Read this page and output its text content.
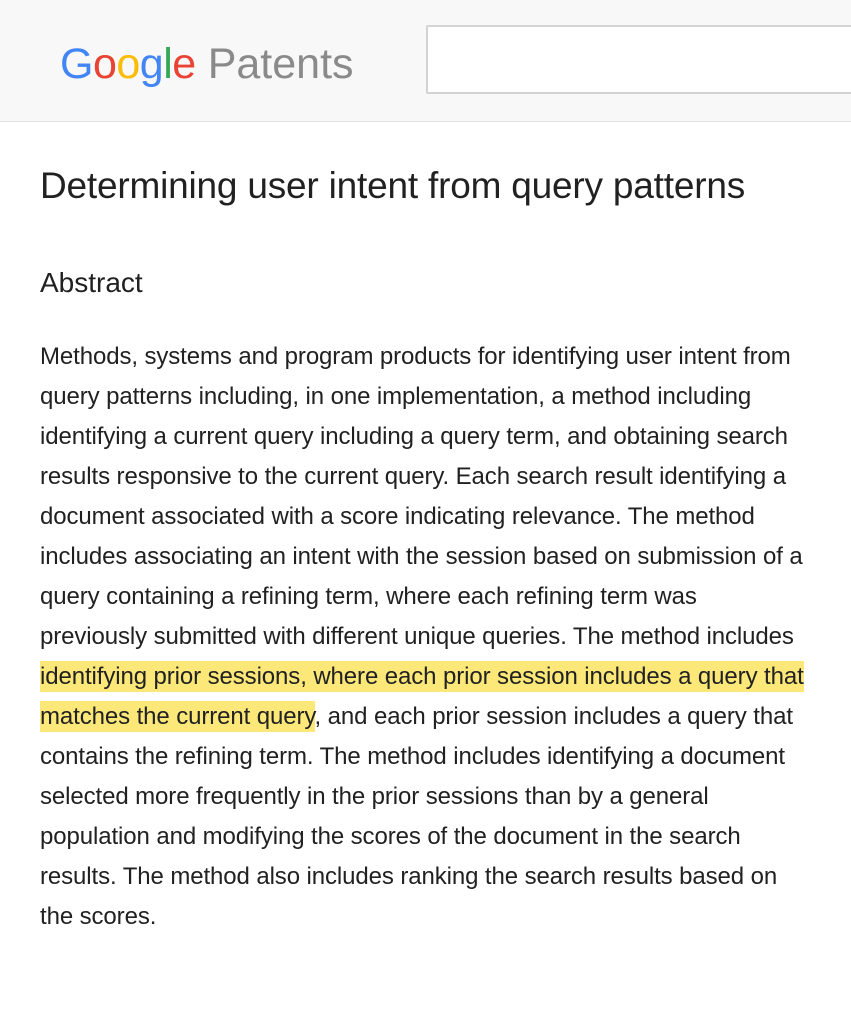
Google Patents
Determining user intent from query patterns
Abstract

Methods, systems and program products for identifying user intent from query patterns including, in one implementation, a method including identifying a current query including a query term, and obtaining search results responsive to the current query. Each search result identifying a document associated with a score indicating relevance. The method includes associating an intent with the session based on submission of a query containing a refining term, where each refining term was previously submitted with different unique queries. The method includes identifying prior sessions, where each prior session includes a query that matches the current query, and each prior session includes a query that contains the refining term. The method includes identifying a document selected more frequently in the prior sessions than by a general population and modifying the scores of the document in the search results. The method also includes ranking the search results based on the scores.
